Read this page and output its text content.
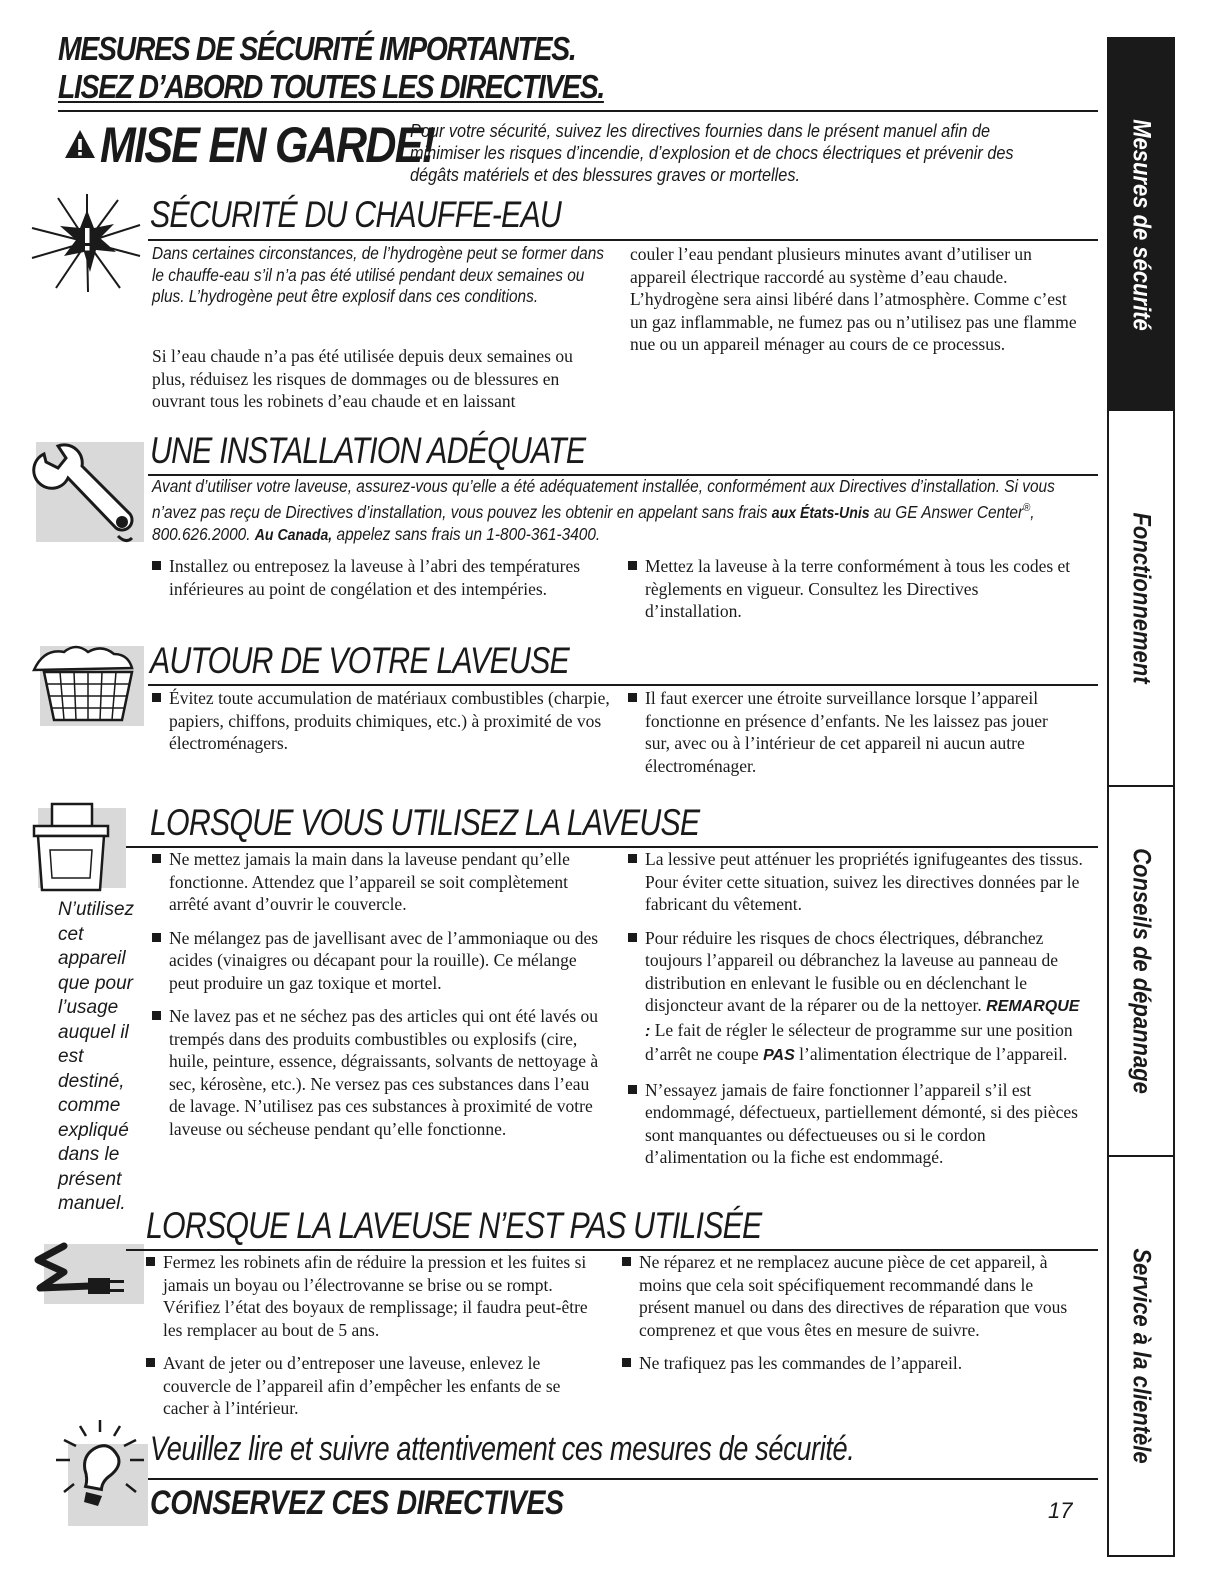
MESURES DE SÉCURITÉ IMPORTANTES.
LISEZ D’ABORD TOUTES LES DIRECTIVES.
MISE EN GARDE!
Pour votre sécurité, suivez les directives fournies dans le présent manuel afin de minimiser les risques d’incendie, d’explosion et de chocs électriques et prévenir des dégâts matériels et des blessures graves or mortelles.
SÉCURITÉ DU CHAUFFE-EAU
Dans certaines circonstances, de l’hydrogène peut se former dans le chauffe-eau s’il n’a pas été utilisé pendant deux semaines ou plus. L’hydrogène peut être explosif dans ces conditions.
Si l’eau chaude n’a pas été utilisée depuis deux semaines ou plus, réduisez les risques de dommages ou de blessures en ouvrant tous les robinets d’eau chaude et en laissant
couler l’eau pendant plusieurs minutes avant d’utiliser un appareil électrique raccordé au système d’eau chaude. L’hydrogène sera ainsi libéré dans l’atmosphère. Comme c’est un gaz inflammable, ne fumez pas ou n’utilisez pas une flamme nue ou un appareil ménager au cours de ce processus.
UNE INSTALLATION ADÉQUATE
Avant d’utiliser votre laveuse, assurez-vous qu’elle a été adéquatement installée, conformément aux Directives d’installation. Si vous n’avez pas reçu de Directives d’installation, vous pouvez les obtenir en appelant sans frais aux États-Unis au GE Answer Center®, 800.626.2000. Au Canada, appelez sans frais un 1-800-361-3400.
Installez ou entreposez la laveuse à l’abri des températures inférieures au point de congélation et des intempéries.
Mettez la laveuse à la terre conformément à tous les codes et règlements en vigueur. Consultez les Directives d’installation.
AUTOUR DE VOTRE LAVEUSE
Évitez toute accumulation de matériaux combustibles (charpie, papiers, chiffons, produits chimiques, etc.) à proximité de vos électroménagers.
Il faut exercer une étroite surveillance lorsque l’appareil fonctionne en présence d’enfants. Ne les laissez pas jouer sur, avec ou à l’intérieur de cet appareil ni aucun autre électroménager.
LORSQUE VOUS UTILISEZ LA LAVEUSE
N’utilisez cet appareil que pour l’usage auquel il est destiné, comme expliqué dans le présent manuel.
Ne mettez jamais la main dans la laveuse pendant qu’elle fonctionne. Attendez que l’appareil se soit complètement arrêté avant d’ouvrir le couvercle.
Ne mélangez pas de javellisant avec de l’ammoniaque ou des acides (vinaigres ou décapant pour la rouille). Ce mélange peut produire un gaz toxique et mortel.
Ne lavez pas et ne séchez pas des articles qui ont été lavés ou trempés dans des produits combustibles ou explosifs (cire, huile, peinture, essence, dégraissants, solvants de nettoyage à sec, kérosène, etc.). Ne versez pas ces substances dans l’eau de lavage. N’utilisez pas ces substances à proximité de votre laveuse ou sécheuse pendant qu’elle fonctionne.
La lessive peut atténuer les propriétés ignifugeantes des tissus. Pour éviter cette situation, suivez les directives données par le fabricant du vêtement.
Pour réduire les risques de chocs électriques, débranchez toujours l’appareil ou débranchez la laveuse au panneau de distribution en enlevant le fusible ou en déclenchant le disjoncteur avant de la réparer ou de la nettoyer. REMARQUE : Le fait de régler le sélecteur de programme sur une position d’arrêt ne coupe PAS l’alimentation électrique de l’appareil.
N’essayez jamais de faire fonctionner l’appareil s’il est endommagé, défectueux, partiellement démonté, si des pièces sont manquantes ou défectueuses ou si le cordon d’alimentation ou la fiche est endommagé.
LORSQUE LA LAVEUSE N’EST PAS UTILISÉE
Fermez les robinets afin de réduire la pression et les fuites si jamais un boyau ou l’électrovanne se brise ou se rompt. Vérifiez l’état des boyaux de remplissage; il faudra peut-être les remplacer au bout de 5 ans.
Avant de jeter ou d’entreposer une laveuse, enlevez le couvercle de l’appareil afin d’empêcher les enfants de se cacher à l’intérieur.
Ne réparez et ne remplacez aucune pièce de cet appareil, à moins que cela soit spécifiquement recommandé dans le présent manuel ou dans des directives de réparation que vous comprenez et que vous êtes en mesure de suivre.
Ne trafiquez pas les commandes de l’appareil.
Veuillez lire et suivre attentivement ces mesures de sécurité.
CONSERVEZ CES DIRECTIVES	17
Mesures de sécurité
Fonctionnement
Conseils de dépannage
Service à la clientèle
